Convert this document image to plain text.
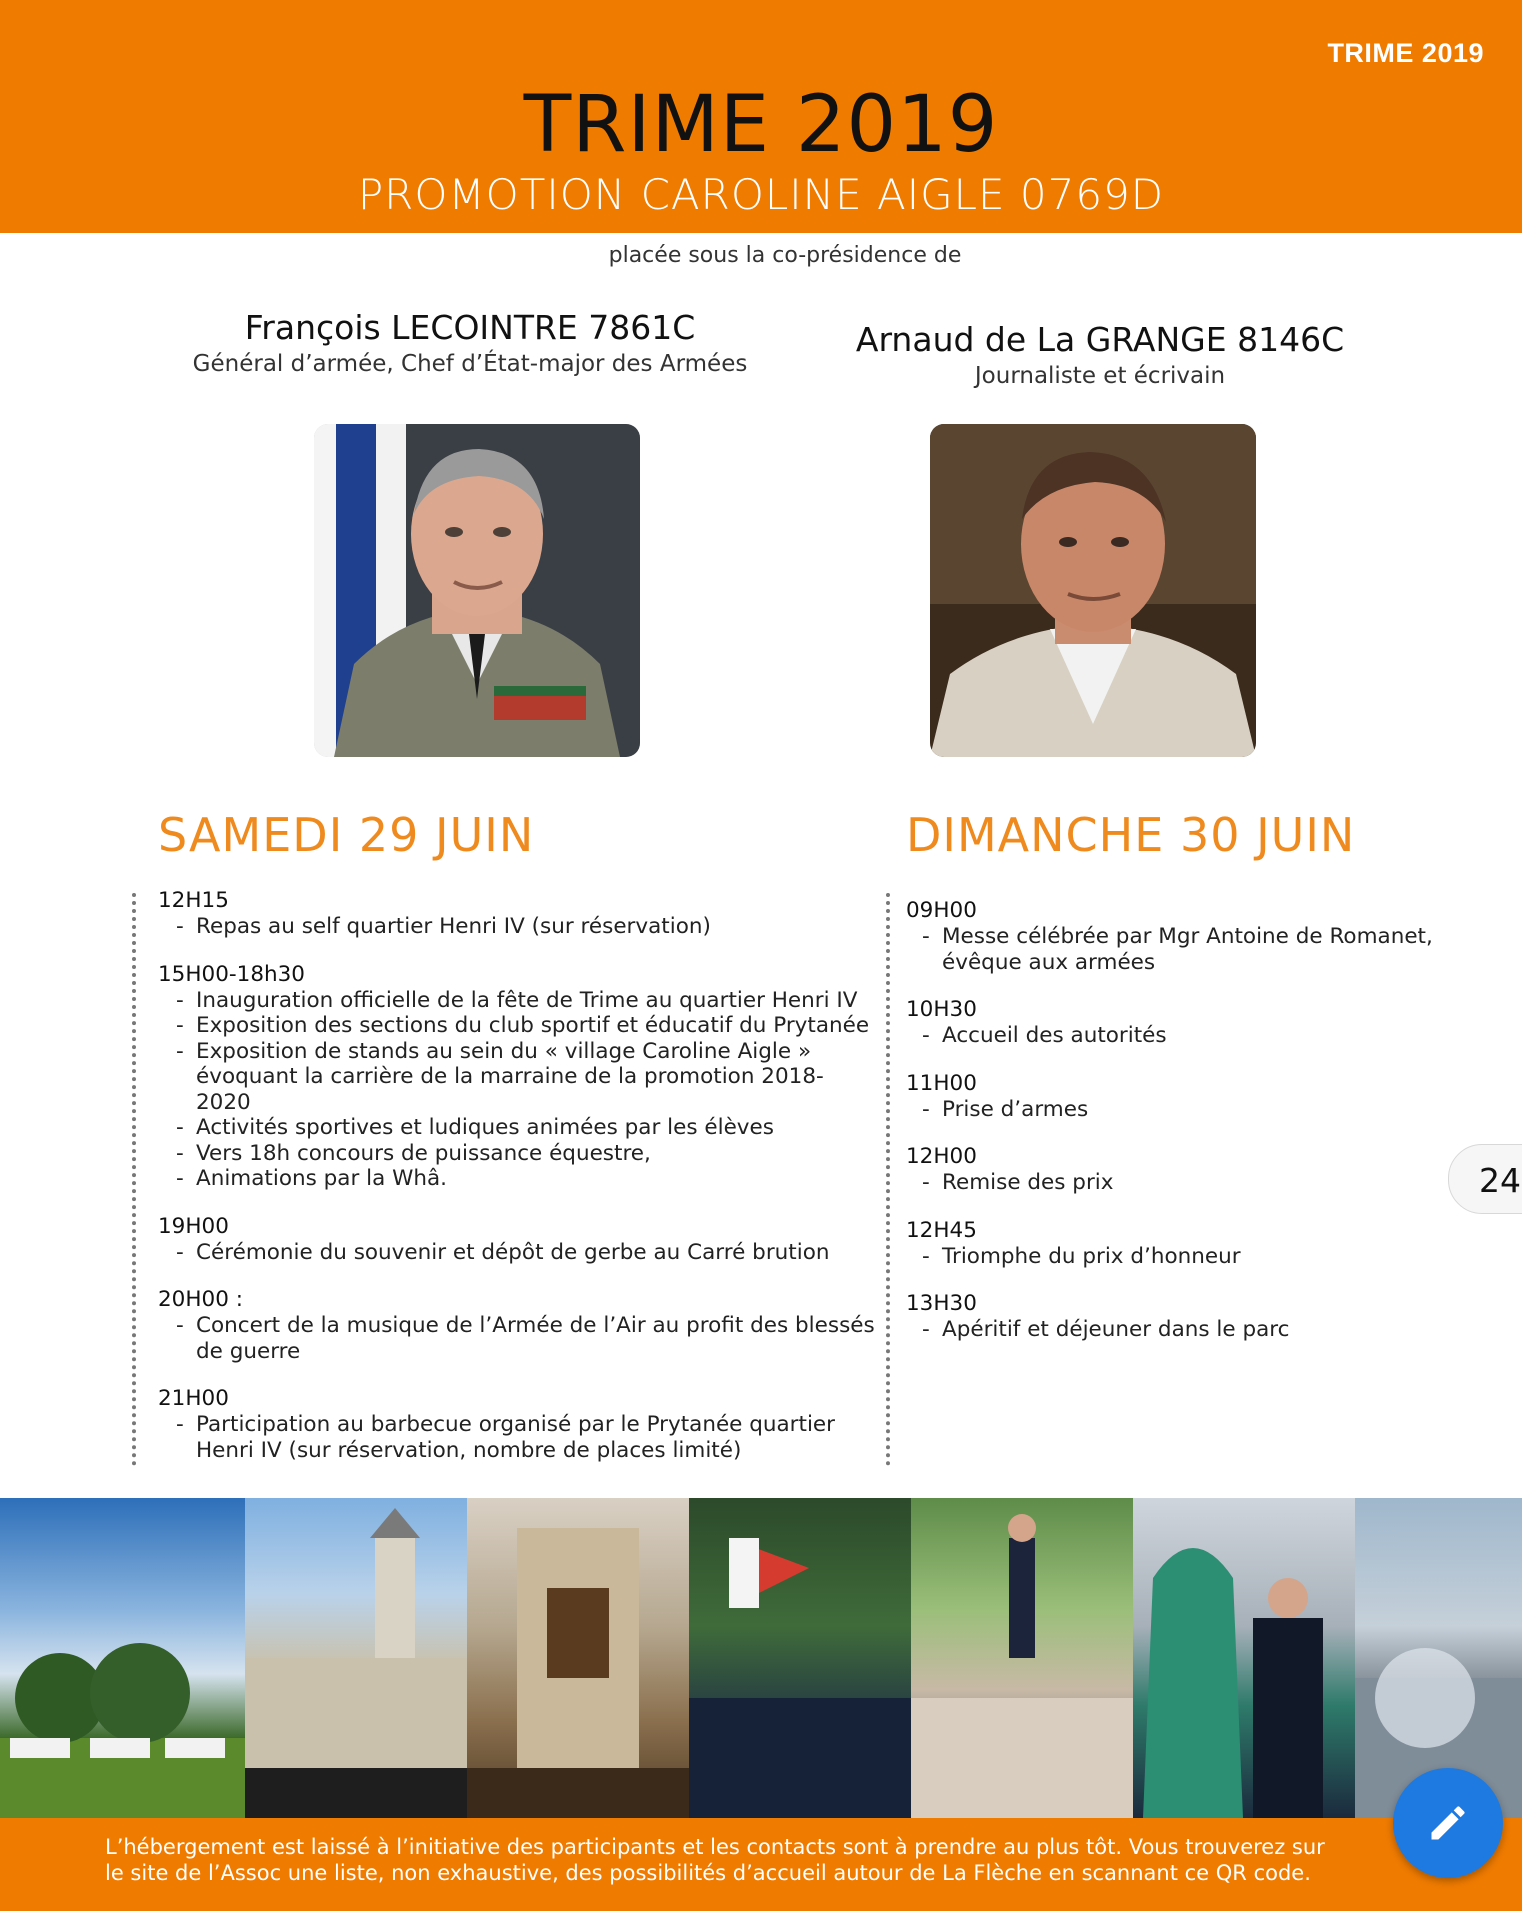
TRIME 2019
TRIME 2019
PROMOTION CAROLINE AIGLE 0769D
placée sous la co-présidence de
François LECOINTRE 7861C
Général d’armée, Chef d’État-major des Armées
Arnaud de La GRANGE 8146C
Journaliste et écrivain
SAMEDI 29 JUIN	DIMANCHE 30 JUIN
12H15
- Repas au self quartier Henri IV (sur réservation)
15H00-18h30
- Inauguration officielle de la fête de Trime au quartier Henri IV
- Exposition des sections du club sportif et éducatif du Prytanée
- Exposition de stands au sein du « village Caroline Aigle » évoquant la carrière de la marraine de la promotion 2018-2020
- Activités sportives et ludiques animées par les élèves
- Vers 18h concours de puissance équestre,
- Animations par la Whâ.
19H00
- Cérémonie du souvenir et dépôt de gerbe au Carré brution
20H00 :
- Concert de la musique de l’Armée de l’Air au profit des blessés de guerre
21H00
- Participation au barbecue organisé par le Prytanée quartier Henri IV (sur réservation, nombre de places limité)
09H00
- Messe célébrée par Mgr Antoine de Romanet, évêque aux armées
10H30
- Accueil des autorités
11H00
- Prise d’armes
12H00
- Remise des prix
12H45
- Triomphe du prix d’honneur
13H30
- Apéritif et déjeuner dans le parc
24
L’hébergement est laissé à l’initiative des participants et les contacts sont à prendre au plus tôt. Vous trouverez sur le site de l’Assoc une liste, non exhaustive, des possibilités d’accueil autour de La Flèche en scannant ce QR code.
